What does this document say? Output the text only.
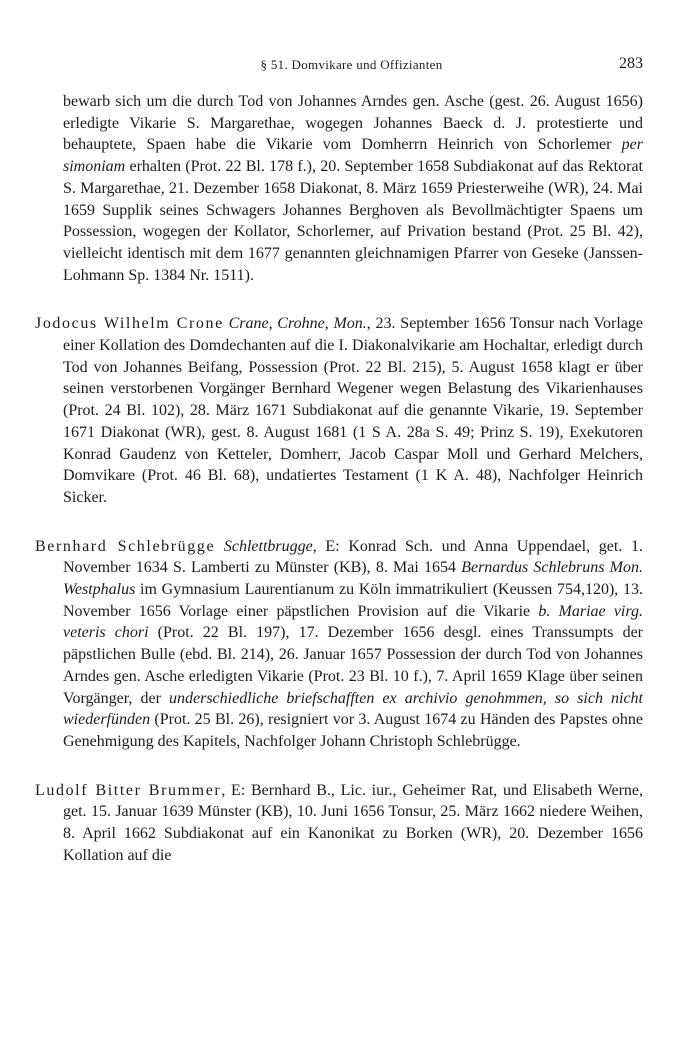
§ 51. Domvikare und Offizianten	283

bewarb sich um die durch Tod von Johannes Arndes gen. Asche (gest. 26. August 1656) erledigte Vikarie S. Margarethae, wogegen Johannes Baeck d. J. protestierte und behauptete, Spaen habe die Vikarie vom Domherrn Heinrich von Schorlemer per simoniam erhalten (Prot. 22 Bl. 178 f.), 20. September 1658 Subdiakonat auf das Rektorat S. Margarethae, 21. Dezember 1658 Diakonat, 8. März 1659 Priesterweihe (WR), 24. Mai 1659 Supplik seines Schwagers Johannes Berghoven als Bevollmächtigter Spaens um Possession, wogegen der Kollator, Schorlemer, auf Privation bestand (Prot. 25 Bl. 42), vielleicht identisch mit dem 1677 genannten gleichnamigen Pfarrer von Geseke (Janssen-Lohmann Sp. 1384 Nr. 1511).

Jodocus Wilhelm Crone Crane, Crohne, Mon., 23. September 1656 Tonsur nach Vorlage einer Kollation des Domdechanten auf die I. Diakonalvikarie am Hochaltar, erledigt durch Tod von Johannes Beifang, Possession (Prot. 22 Bl. 215), 5. August 1658 klagt er über seinen verstorbenen Vorgänger Bernhard Wegener wegen Belastung des Vikarienhauses (Prot. 24 Bl. 102), 28. März 1671 Subdiakonat auf die genannte Vikarie, 19. September 1671 Diakonat (WR), gest. 8. August 1681 (1 S A. 28a S. 49; Prinz S. 19), Exekutoren Konrad Gaudenz von Ketteler, Domherr, Jacob Caspar Moll und Gerhard Melchers, Domvikare (Prot. 46 Bl. 68), undatiertes Testament (1 K A. 48), Nachfolger Heinrich Sicker.

Bernhard Schlebrügge Schlettbrugge, E: Konrad Sch. und Anna Uppendael, get. 1. November 1634 S. Lamberti zu Münster (KB), 8. Mai 1654 Bernardus Schlebruns Mon. Westphalus im Gymnasium Laurentianum zu Köln immatrikuliert (Keussen 754,120), 13. November 1656 Vorlage einer päpstlichen Provision auf die Vikarie b. Mariae virg. veteris chori (Prot. 22 Bl. 197), 17. Dezember 1656 desgl. eines Transsumpts der päpstlichen Bulle (ebd. Bl. 214), 26. Januar 1657 Possession der durch Tod von Johannes Arndes gen. Asche erledigten Vikarie (Prot. 23 Bl. 10 f.), 7. April 1659 Klage über seinen Vorgänger, der underschiedliche briefschafften ex archivio genohmmen, so sich nicht wiederfünden (Prot. 25 Bl. 26), resigniert vor 3. August 1674 zu Händen des Papstes ohne Genehmigung des Kapitels, Nachfolger Johann Christoph Schlebrügge.

Ludolf Bitter Brummer, E: Bernhard B., Lic. iur., Geheimer Rat, und Elisabeth Werne, get. 15. Januar 1639 Münster (KB), 10. Juni 1656 Tonsur, 25. März 1662 niedere Weihen, 8. April 1662 Subdiakonat auf ein Kanonikat zu Borken (WR), 20. Dezember 1656 Kollation auf die
